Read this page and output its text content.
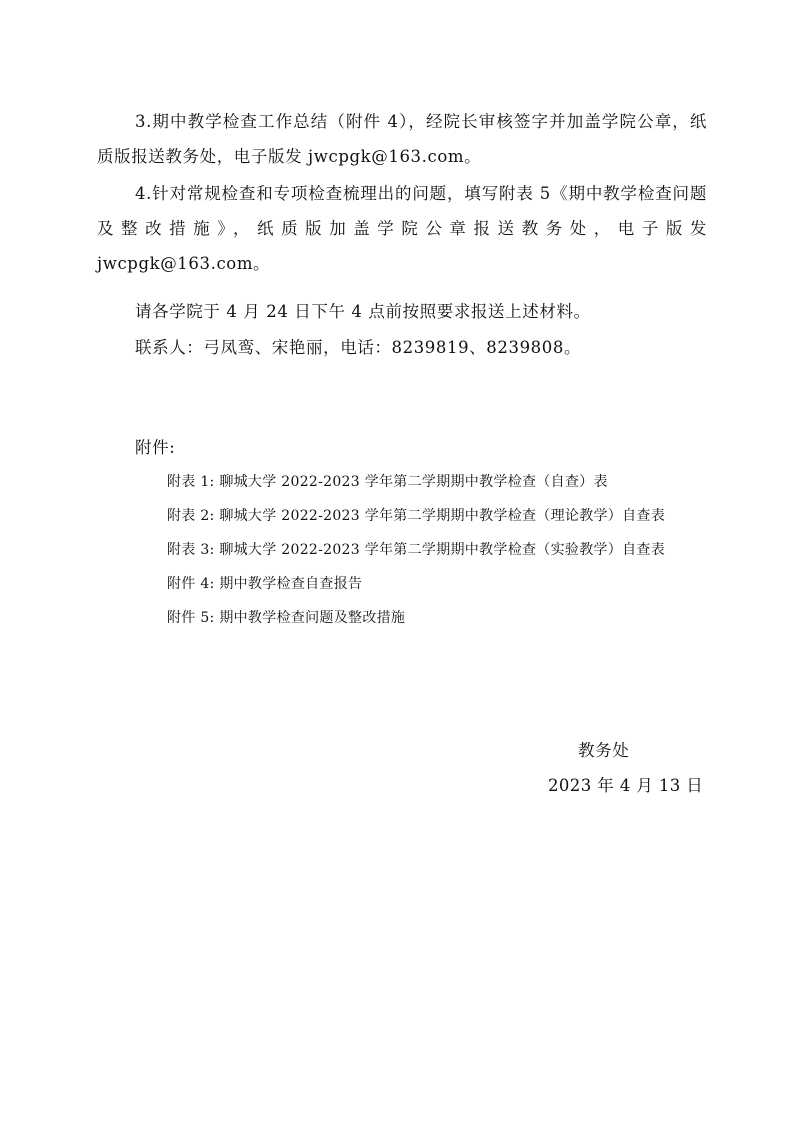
3.期中教学检查工作总结（附件 4），经院长审核签字并加盖学院公章，纸质版报送教务处，电子版发 jwcpgk@163.com。

4.针对常规检查和专项检查梳理出的问题，填写附表 5《期中教学检查问题及整改措施》，纸质版加盖学院公章报送教务处，电子版发 jwcpgk@163.com。

请各学院于 4 月 24 日下午 4 点前按照要求报送上述材料。

联系人：弓凤鸾、宋艳丽，电话：8239819、8239808。

附件:

附表 1: 聊城大学 2022-2023 学年第二学期期中教学检查（自查）表
附表 2: 聊城大学 2022-2023 学年第二学期期中教学检查（理论教学）自查表
附表 3: 聊城大学 2022-2023 学年第二学期期中教学检查（实验教学）自查表
附件 4: 期中教学检查自查报告
附件 5: 期中教学检查问题及整改措施

教务处

2023 年 4 月 13 日
